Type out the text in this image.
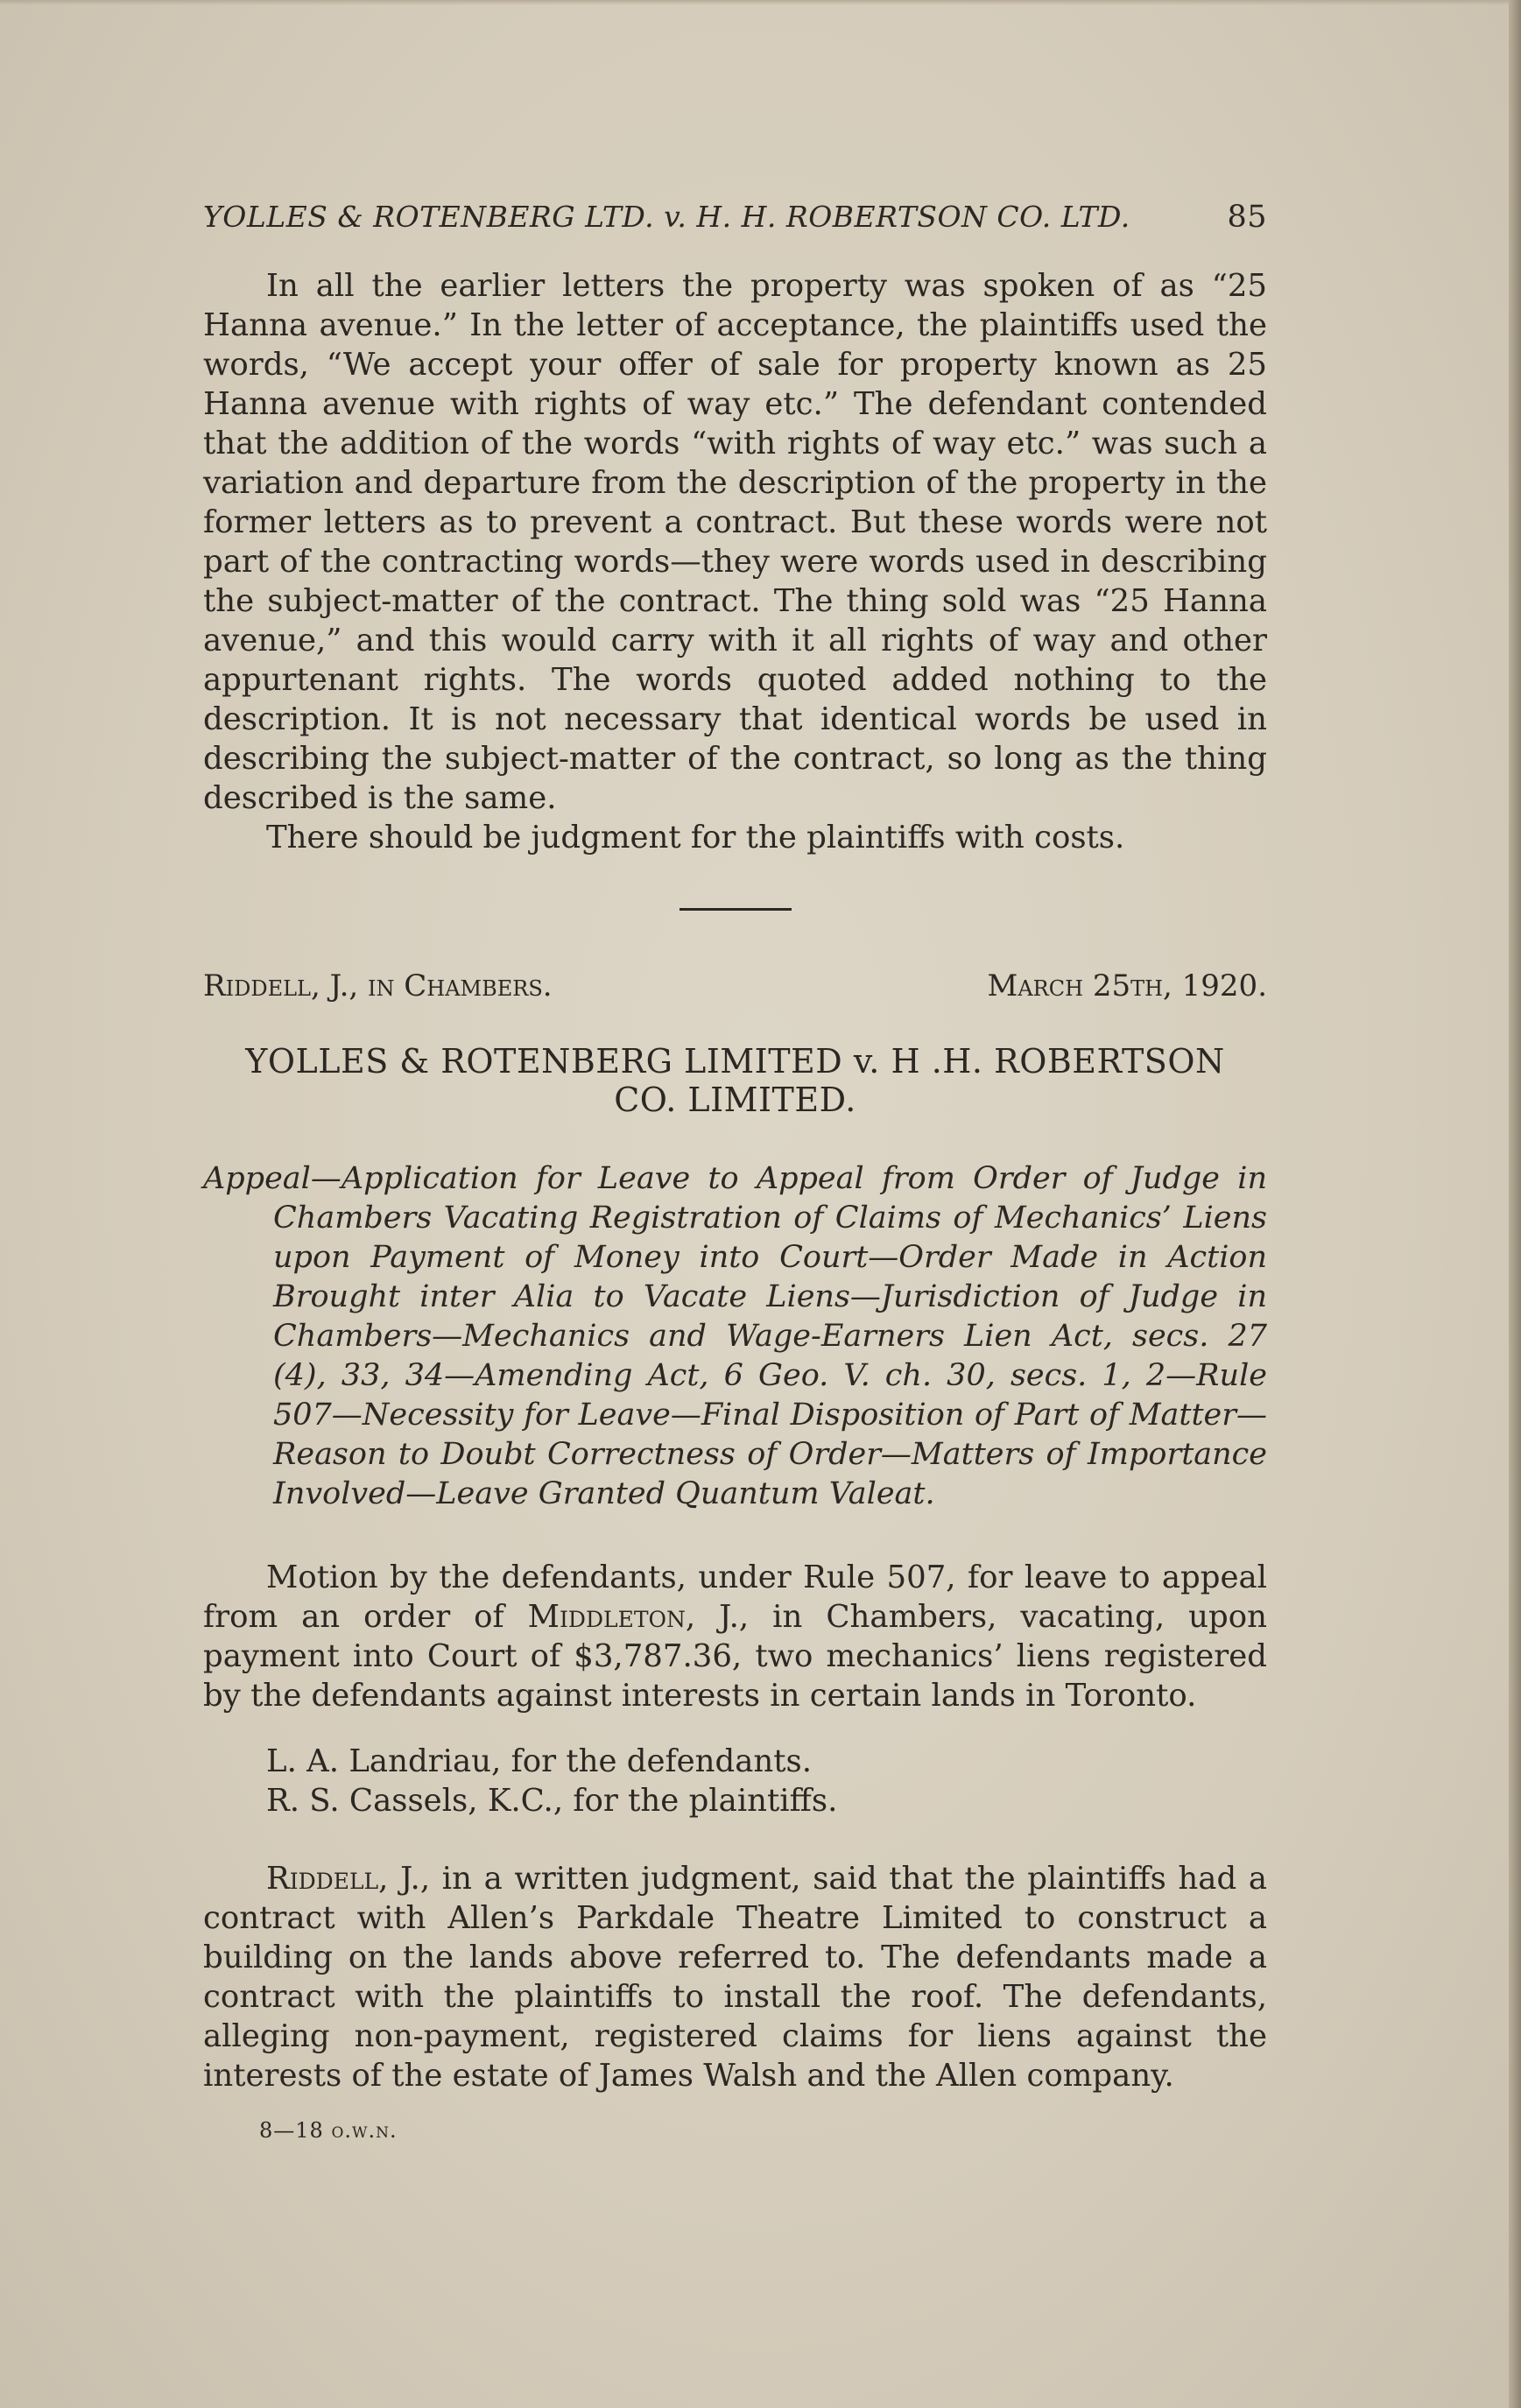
YOLLES & ROTENBERG LTD. v. H. H. ROBERTSON CO. LTD.	85

In all the earlier letters the property was spoken of as “25 Hanna avenue.” In the letter of acceptance, the plaintiffs used the words, “We accept your offer of sale for property known as 25 Hanna avenue with rights of way etc.” The defendant contended that the addition of the words “with rights of way etc.” was such a variation and departure from the description of the property in the former letters as to prevent a contract. But these words were not part of the contracting words—they were words used in describing the subject-matter of the contract. The thing sold was “25 Hanna avenue,” and this would carry with it all rights of way and other appurtenant rights. The words quoted added nothing to the description. It is not necessary that identical words be used in describing the subject-matter of the contract, so long as the thing described is the same.

There should be judgment for the plaintiffs with costs.

Riddell, J., in Chambers.	March 25th, 1920.
YOLLES & ROTENBERG LIMITED v. H .H. ROBERTSON
CO. LIMITED.
Appeal—Application for Leave to Appeal from Order of Judge in Chambers Vacating Registration of Claims of Mechanics’ Liens upon Payment of Money into Court—Order Made in Action Brought inter Alia to Vacate Liens—Jurisdiction of Judge in Chambers—Mechanics and Wage-Earners Lien Act, secs. 27 (4), 33, 34—Amending Act, 6 Geo. V. ch. 30, secs. 1, 2—Rule 507—Necessity for Leave—Final Disposition of Part of Matter—Reason to Doubt Correctness of Order—Matters of Importance Involved—Leave Granted Quantum Valeat.

Motion by the defendants, under Rule 507, for leave to appeal from an order of Middleton, J., in Chambers, vacating, upon payment into Court of $3,787.36, two mechanics’ liens registered by the defendants against interests in certain lands in Toronto.

L. A. Landriau, for the defendants.
R. S. Cassels, K.C., for the plaintiffs.

Riddell, J., in a written judgment, said that the plaintiffs had a contract with Allen’s Parkdale Theatre Limited to construct a building on the lands above referred to. The defendants made a contract with the plaintiffs to install the roof. The defendants, alleging non-payment, registered claims for liens against the interests of the estate of James Walsh and the Allen company.

8—18 o.w.n.
